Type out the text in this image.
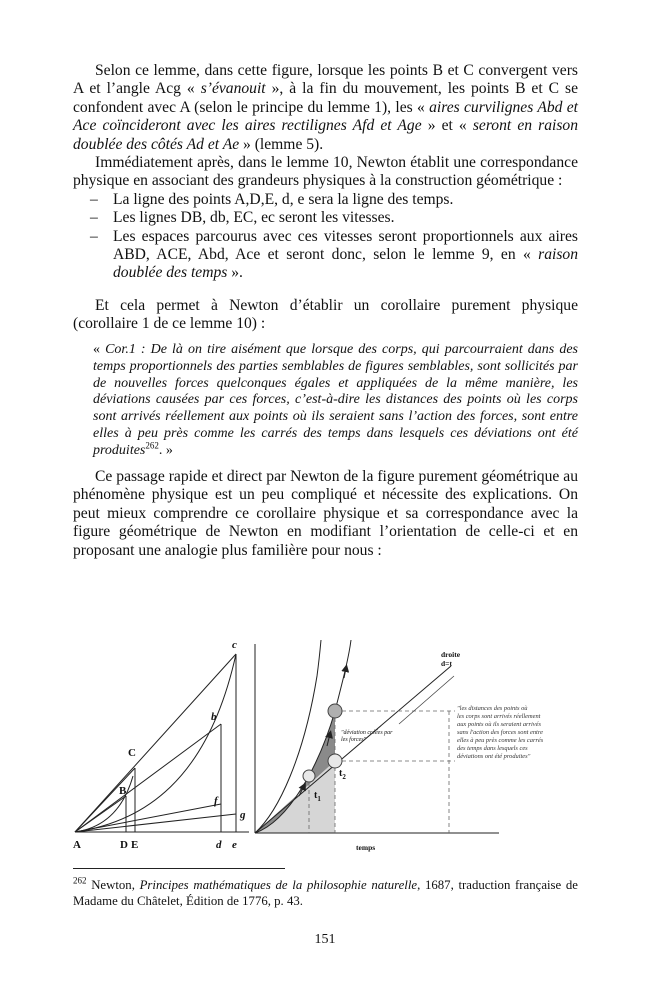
Selon ce lemme, dans cette figure, lorsque les points B et C convergent vers A et l’angle Acg « s’évanouit », à la fin du mouvement, les points B et C se confondent avec A (selon le principe du lemme 1), les « aires curvilignes Abd et Ace coïncideront avec les aires rectilignes Afd et Age » et « seront en raison doublée des côtés Ad et Ae » (lemme 5).

Immédiatement après, dans le lemme 10, Newton établit une correspondance physique en associant des grandeurs physiques à la construction géométrique :

– La ligne des points A,D,E, d, e sera la ligne des temps.
– Les lignes DB, db, EC, ec seront les vitesses.
– Les espaces parcourus avec ces vitesses seront proportionnels aux aires ABD, ACE, Abd, Ace et seront donc, selon le lemme 9, en « raison doublée des temps ».

Et cela permet à Newton d’établir un corollaire purement physique (corollaire 1 de ce lemme 10) :

« Cor.1 : De là on tire aisément que lorsque des corps, qui parcourraient dans des temps proportionnels des parties semblables de figures semblables, sont sollicités par de nouvelles forces quelconques égales et appliquées de la même manière, les déviations causées par ces forces, c’est-à-dire les distances des points où les corps sont arrivés réellement aux points où ils seraient sans l’action des forces, sont entre elles à peu près comme les carrés des temps dans lesquels ces déviations ont été produites$^{262}$. »

Ce passage rapide et direct par Newton de la figure purement géométrique au phénomène physique est un peu compliqué et nécessite des explications. On peut mieux comprendre ce corollaire physique et sa correspondance avec la figure géométrique de Newton en modifiant l’orientation de celle-ci et en proposant une analogie plus familière pour nous :

A	D E
B
C
d e
b
c
f
g
droite
d=t
"déviation créées par
les forces"
$t_1$
$t_2$
temps
"les distances des points où
les corps sont arrivés réellement
aux points où ils seraient arrivés
sans l'action des forces sont entre
elles à peu près comme les carrés
des temps dans lesquels ces
déviations ont été produites"
$^{262}$ Newton, Principes mathématiques de la philosophie naturelle, 1687, traduction française de Madame du Châtelet, Édition de 1776, p. 43.
151
